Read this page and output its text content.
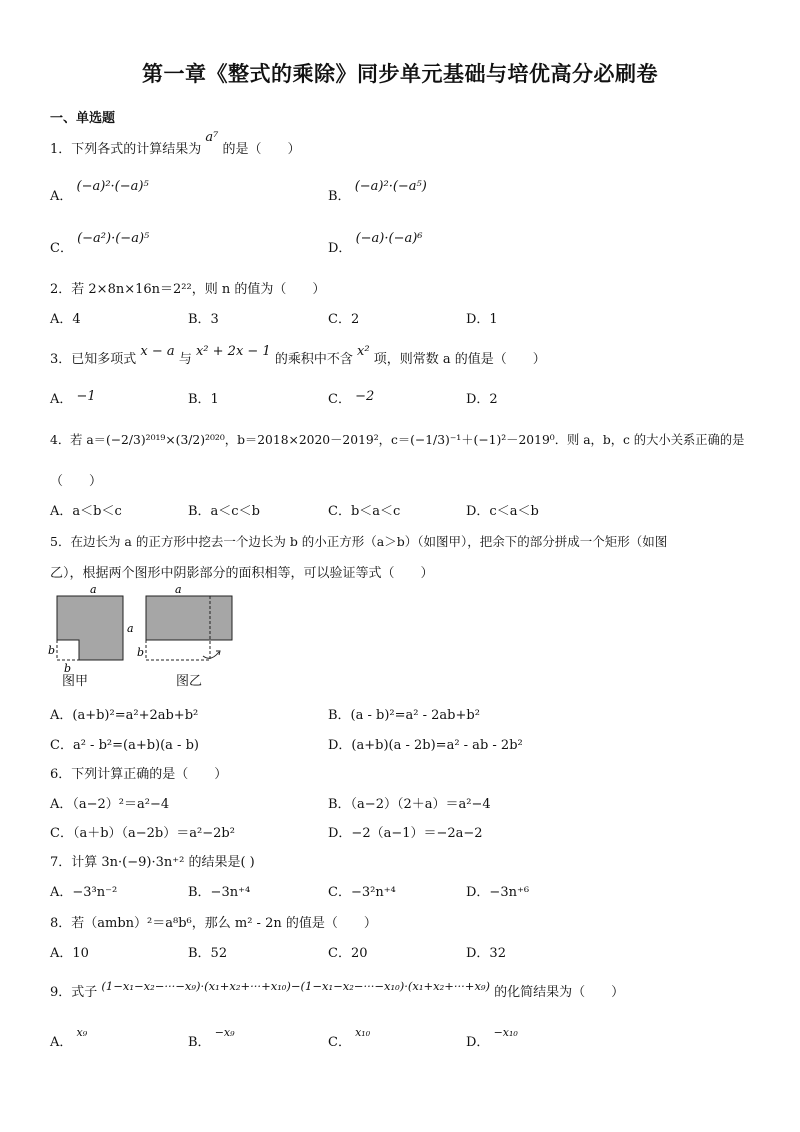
第一章《整式的乘除》同步单元基础与培优高分必刷卷
一、单选题
1．下列各式的计算结果为 a⁷ 的是（　　）
A． (−a)²·(−a)⁵
B． (−a)²·(−a⁵)
C． (−a²)·(−a)⁵
D． (−a)·(−a)⁶
2．若 2×8n×16n＝2²²，则 n 的值为（　　）
A．4	B．3	C．2	D．1
3．已知多项式 x − a 与 x² + 2x − 1 的乘积中不含 x² 项，则常数 a 的值是（　　）
A． −1	B．1	C． −2	D．2
4．若 a＝(−2/3)²⁰¹⁹×(3/2)²⁰²⁰，b＝2018×2020－2019²，c＝(−1/3)⁻¹＋(−1)²－2019⁰．则 a，b，c 的大小关系正确的是
（　　）
A．a＜b＜c	B．a＜c＜b	C．b＜a＜c	D．c＜a＜b
5．在边长为 a 的正方形中挖去一个边长为 b 的小正方形（a＞b）（如图甲），把余下的部分拼成一个矩形（如图
乙），根据两个图形中阴影部分的面积相等，可以验证等式（　　）
a
a
b
b
a
b
图甲	图乙
A．(a+b)²=a²+2ab+b²	B．(a - b)²=a² - 2ab+b²
C．a² - b²=(a+b)(a - b)	D．(a+b)(a - 2b)=a² - ab - 2b²
6．下列计算正确的是（　　）
A．（a−2）²＝a²−4	B．（a−2）（2＋a）＝a²−4
C．（a＋b）（a−2b）＝a²−2b²	D．−2（a−1）＝−2a−2
7．计算 3n·(−9)·3n⁺² 的结果是( )
A．−3³n⁻²	B．−3n⁺⁴	C．−3²n⁺⁴	D．−3n⁺⁶
8．若（ambn）²＝a⁸b⁶，那么 m² - 2n 的值是（　　）
A．10	B．52	C．20	D．32
9．式子 (1−x₁−x₂−···−x₉)·(x₁+x₂+···+x₁₀)−(1−x₁−x₂−···−x₁₀)·(x₁+x₂+···+x₉) 的化简结果为（　　）
A． $^{x_9}$
B． $^{-x_9}$
C． $^{x_{10}}$
D． $^{-x_{10}}$
